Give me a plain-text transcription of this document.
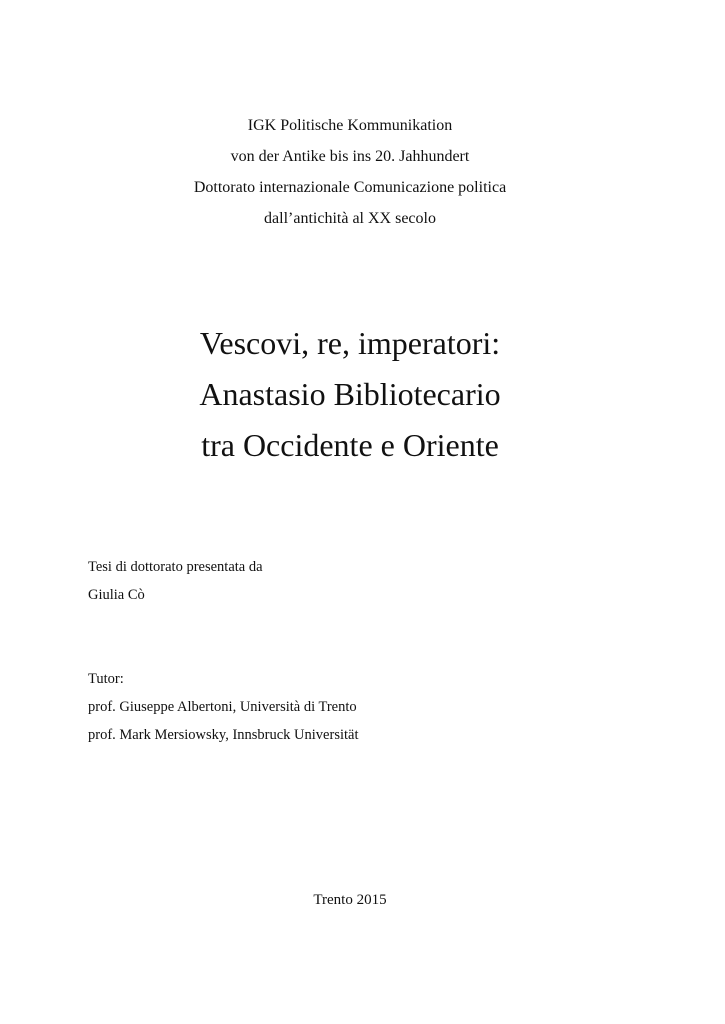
IGK Politische Kommunikation
von der Antike bis ins 20. Jahhundert
Dottorato internazionale Comunicazione politica
dall’antichità al XX secolo
Vescovi, re, imperatori:
Anastasio Bibliotecario
tra Occidente e Oriente
Tesi di dottorato presentata da
Giulia Cò
Tutor:
prof. Giuseppe Albertoni, Università di Trento
prof. Mark Mersiowsky, Innsbruck Universität
Trento 2015
